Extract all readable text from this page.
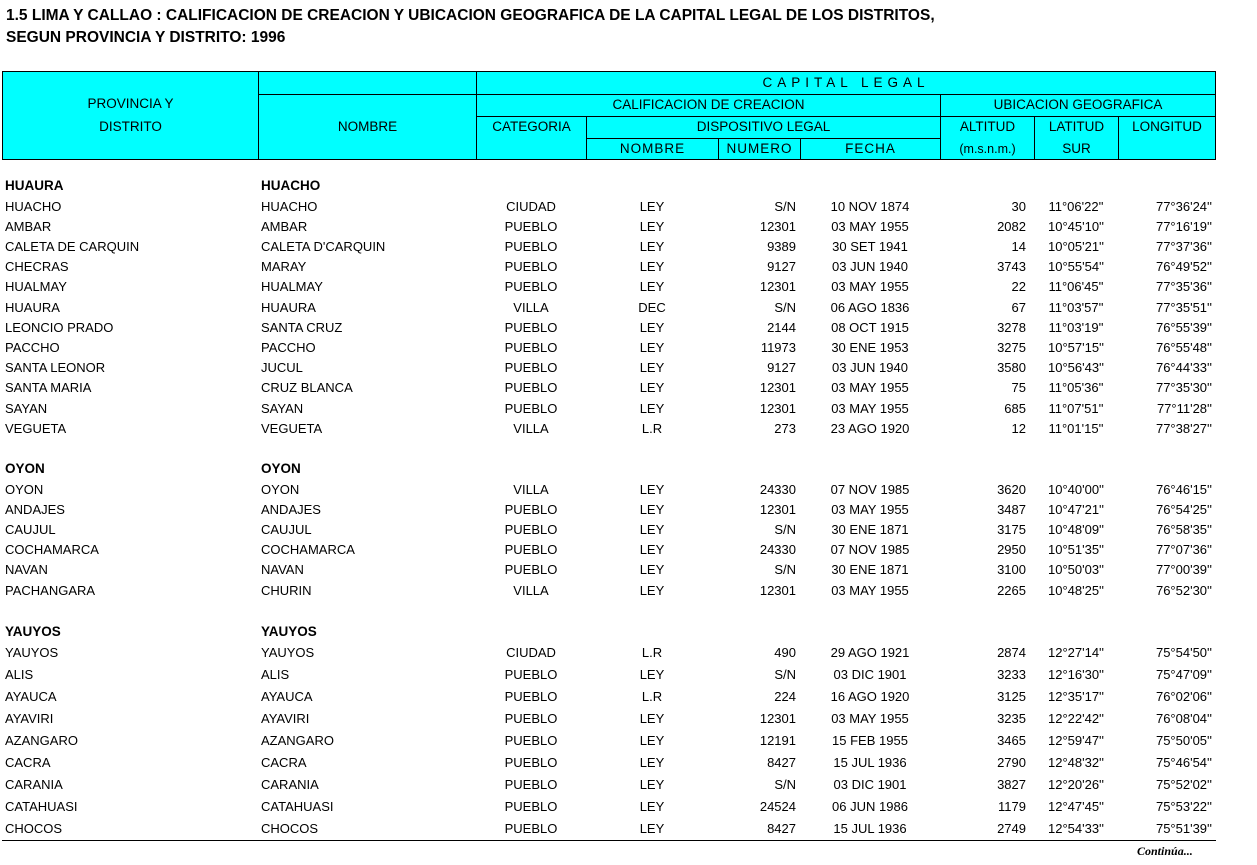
1.5 LIMA Y CALLAO : CALIFICACION DE CREACION Y UBICACION GEOGRAFICA DE LA CAPITAL LEGAL DE LOS DISTRITOS,
SEGUN PROVINCIA Y DISTRITO: 1996
PROVINCIA Y
DISTRITO	NOMBRE
CAPITAL LEGAL
CALIFICACION DE CREACION	UBICACION GEOGRAFICA
CATEGORIA	DISPOSITIVO LEGAL	ALTITUD	LATITUD	LONGITUD
NOMBRE	NUMERO	FECHA	(m.s.n.m.)	SUR
HUAURA	HUACHO
HUACHO	HUACHO	CIUDAD	LEY	S/N	10 NOV 1874	30	11°06'22''	77°36'24''
AMBAR	AMBAR	PUEBLO	LEY	12301	03 MAY 1955	2082	10°45'10''	77°16'19''
CALETA DE CARQUIN	CALETA D'CARQUIN	PUEBLO	LEY	9389	30 SET 1941	14	10°05'21''	77°37'36''
CHECRAS	MARAY	PUEBLO	LEY	9127	03 JUN 1940	3743	10°55'54''	76°49'52''
HUALMAY	HUALMAY	PUEBLO	LEY	12301	03 MAY 1955	22	11°06'45''	77°35'36''
HUAURA	HUAURA	VILLA	DEC	S/N	06 AGO 1836	67	11°03'57''	77°35'51''
LEONCIO PRADO	SANTA CRUZ	PUEBLO	LEY	2144	08 OCT 1915	3278	11°03'19''	76°55'39''
PACCHO	PACCHO	PUEBLO	LEY	11973	30 ENE 1953	3275	10°57'15''	76°55'48''
SANTA LEONOR	JUCUL	PUEBLO	LEY	9127	03 JUN 1940	3580	10°56'43''	76°44'33''
SANTA MARIA	CRUZ BLANCA	PUEBLO	LEY	12301	03 MAY 1955	75	11°05'36''	77°35'30''
SAYAN	SAYAN	PUEBLO	LEY	12301	03 MAY 1955	685	11°07'51''	77°11'28''
VEGUETA	VEGUETA	VILLA	L.R	273	23 AGO 1920	12	11°01'15''	77°38'27''
OYON	OYON
OYON	OYON	VILLA	LEY	24330	07 NOV 1985	3620	10°40'00''	76°46'15''
ANDAJES	ANDAJES	PUEBLO	LEY	12301	03 MAY 1955	3487	10°47'21''	76°54'25''
CAUJUL	CAUJUL	PUEBLO	LEY	S/N	30 ENE 1871	3175	10°48'09''	76°58'35''
COCHAMARCA	COCHAMARCA	PUEBLO	LEY	24330	07 NOV 1985	2950	10°51'35''	77°07'36''
NAVAN	NAVAN	PUEBLO	LEY	S/N	30 ENE 1871	3100	10°50'03''	77°00'39''
PACHANGARA	CHURIN	VILLA	LEY	12301	03 MAY 1955	2265	10°48'25''	76°52'30''
YAUYOS	YAUYOS
YAUYOS	YAUYOS	CIUDAD	L.R	490	29 AGO 1921	2874	12°27'14''	75°54'50''
ALIS	ALIS	PUEBLO	LEY	S/N	03 DIC 1901	3233	12°16'30''	75°47'09''
AYAUCA	AYAUCA	PUEBLO	L.R	224	16 AGO 1920	3125	12°35'17''	76°02'06''
AYAVIRI	AYAVIRI	PUEBLO	LEY	12301	03 MAY 1955	3235	12°22'42''	76°08'04''
AZANGARO	AZANGARO	PUEBLO	LEY	12191	15 FEB 1955	3465	12°59'47''	75°50'05''
CACRA	CACRA	PUEBLO	LEY	8427	15 JUL 1936	2790	12°48'32''	75°46'54''
CARANIA	CARANIA	PUEBLO	LEY	S/N	03 DIC 1901	3827	12°20'26''	75°52'02''
CATAHUASI	CATAHUASI	PUEBLO	LEY	24524	06 JUN 1986	1179	12°47'45''	75°53'22''
CHOCOS	CHOCOS	PUEBLO	LEY	8427	15 JUL 1936	2749	12°54'33''	75°51'39''
Continúa...
